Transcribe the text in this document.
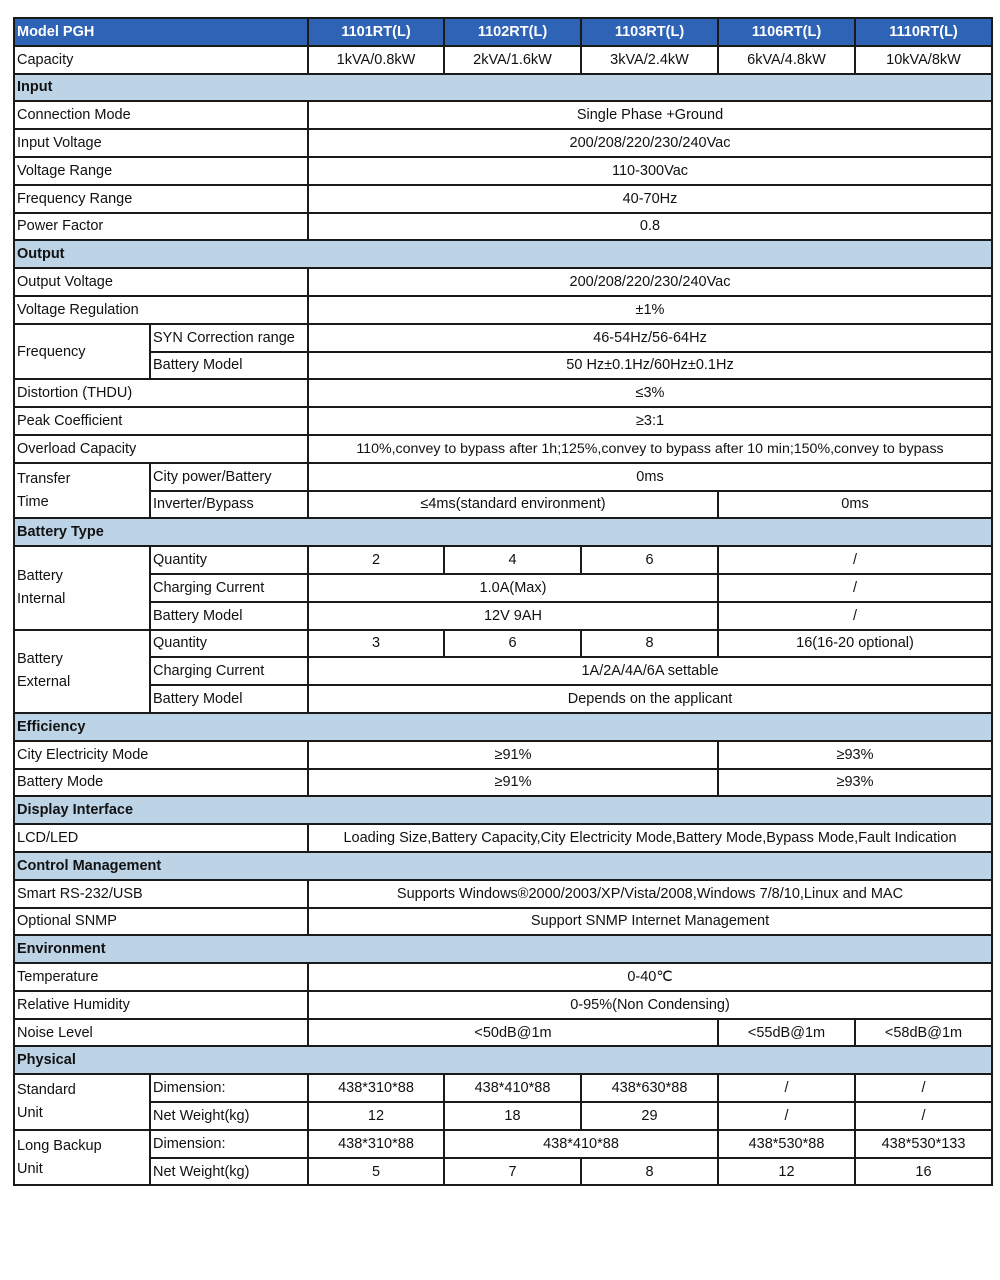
Model PGH		1101RT(L)	1102RT(L)	1103RT(L)	1106RT(L)	1110RT(L)
Capacity		1kVA/0.8kW	2kVA/1.6kW	3kVA/2.4kW	6kVA/4.8kW	10kVA/8kW
Input						
Connection Mode		Single Phase +Ground				
Input Voltage		200/208/220/230/240Vac				
Voltage Range		110-300Vac				
Frequency Range		40-70Hz				
Power Factor		0.8				
Output						
Output Voltage		200/208/220/230/240Vac				
Voltage Regulation		±1%				
Frequency	SYN Correction range	46-54Hz/56-64Hz				
	Battery Model	50 Hz±0.1Hz/60Hz±0.1Hz				
Distortion (THDU)		≤3%				
Peak Coefficient		≥3:1				
Overload Capacity		110%,convey to bypass after 1h;125%,convey to bypass after 10 min;150%,convey to bypass				
Transfer
Time	City power/Battery	0ms				
	Inverter/Bypass	≤4ms(standard environment)			0ms	
Battery Type						
Battery
Internal	Quantity	2	4	6	/	
	Charging Current	1.0A(Max)			/	
	Battery Model	12V 9AH			/	
Battery
External	Quantity	3	6	8	16(16-20 optional)	
	Charging Current	1A/2A/4A/6A settable				
	Battery Model	Depends on the applicant				
Efficiency						
City Electricity Mode		≥91%			≥93%	
Battery Mode		≥91%			≥93%	
Display Interface						
LCD/LED		Loading Size,Battery Capacity,City Electricity Mode,Battery Mode,Bypass Mode,Fault Indication				
Control Management						
Smart RS-232/USB		Supports Windows®2000/2003/XP/Vista/2008,Windows 7/8/10,Linux and MAC				
Optional SNMP		Support SNMP Internet Management				
Environment						
Temperature		0-40℃				
Relative Humidity		0-95%(Non Condensing)				
Noise Level		<50dB@1m			<55dB@1m	<58dB@1m
Physical						
Standard
Unit	Dimension:	438*310*88	438*410*88	438*630*88	/	/
	Net Weight(kg)	12	18	29	/	/
Long Backup
Unit	Dimension:	438*310*88	438*410*88		438*530*88	438*530*133
	Net Weight(kg)	5	7	8	12	16
